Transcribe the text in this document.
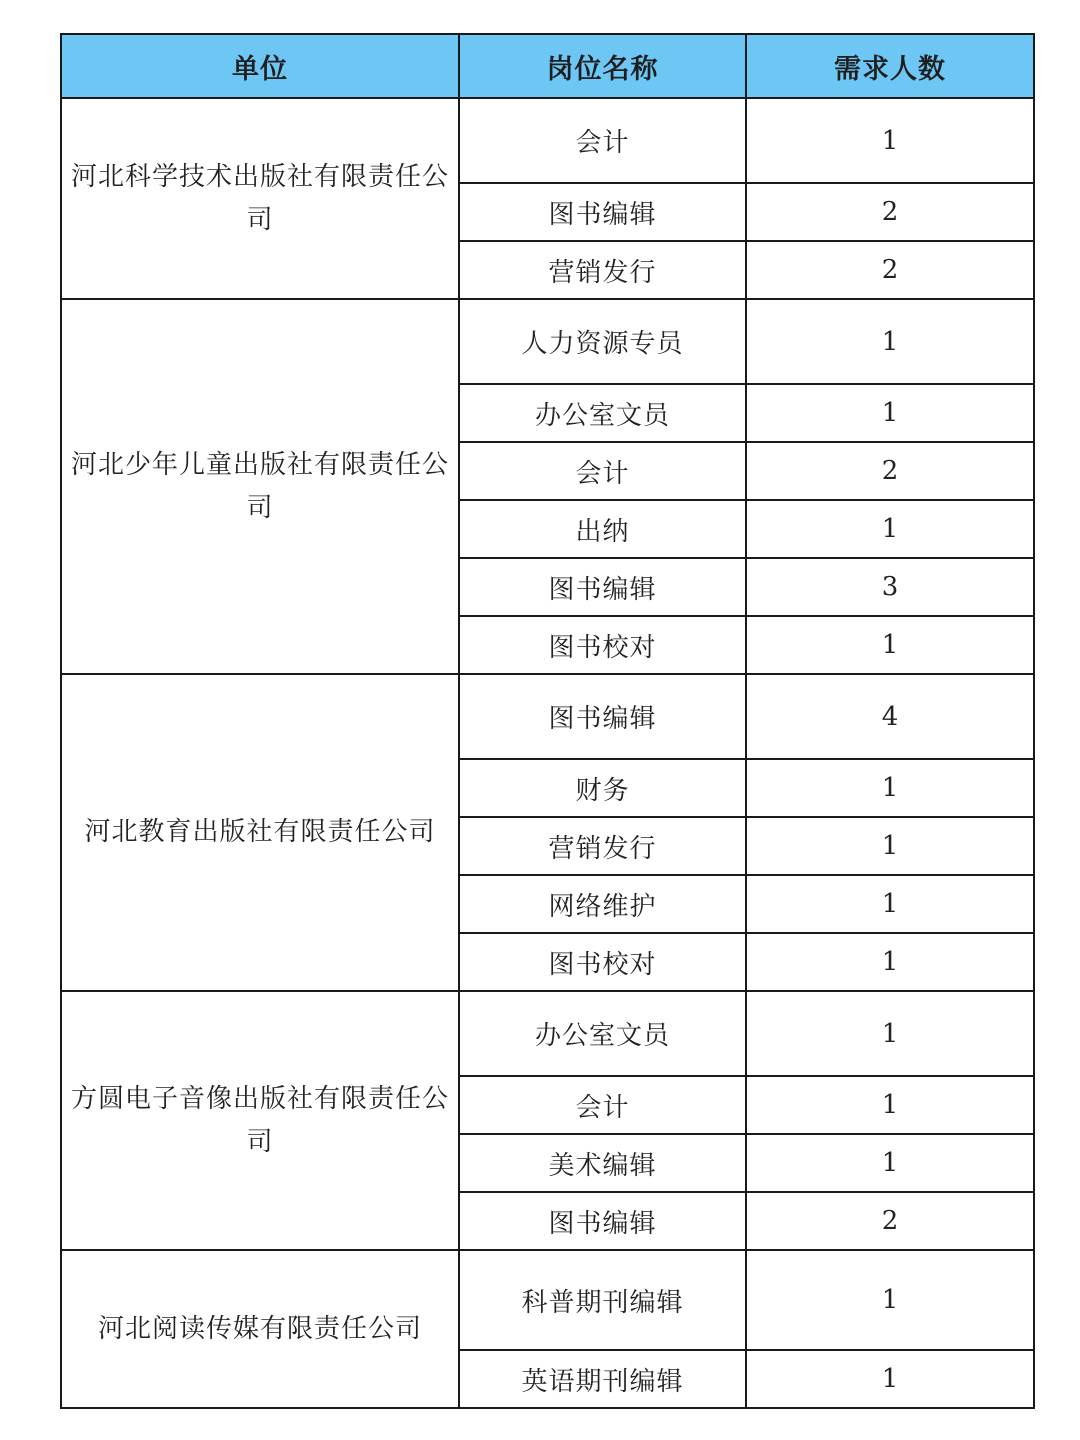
单位	岗位名称	需求人数
河北科学技术出版社有限责任公司	会计	1
	图书编辑	2
	营销发行	2
河北少年儿童出版社有限责任公司	人力资源专员	1
	办公室文员	1
	会计	2
	出纳	1
	图书编辑	3
	图书校对	1
河北教育出版社有限责任公司	图书编辑	4
	财务	1
	营销发行	1
	网络维护	1
	图书校对	1
方圆电子音像出版社有限责任公司	办公室文员	1
	会计	1
	美术编辑	1
	图书编辑	2
河北阅读传媒有限责任公司	科普期刊编辑	1
	英语期刊编辑	1
